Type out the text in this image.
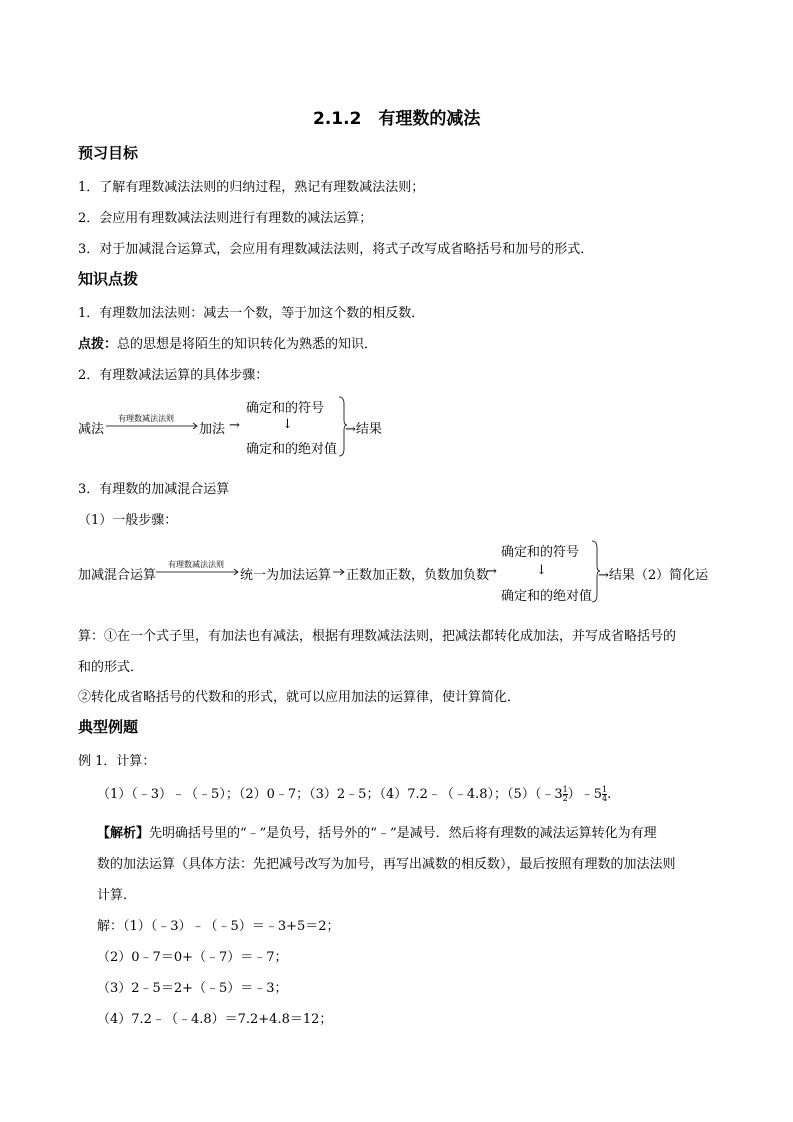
2.1.2　有理数的减法
预习目标
1．了解有理数减法法则的归纳过程，熟记有理数减法法则；
2．会应用有理数减法法则进行有理数的减法运算；
3．对于加减混合运算式，会应用有理数减法法则，将式子改写成省略括号和加号的形式．
知识点拨
1．有理数加法法则：减去一个数，等于加这个数的相反数．
点拨：总的思想是将陌生的知识转化为熟悉的知识．
2．有理数减法运算的具体步骤：
减法
有理数减法法则
加法 →
确定和的符号
↓
确定和的绝对值
→结果
3．有理数的加减混合运算
（1）一般步骤：
加减混合运算
有理数减法法则
统一为加法运算 正数加正数，负数加负数
→
确定和的符号
↓
确定和的绝对值
→结果（2）简化运
算：①在一个式子里，有加法也有减法，根据有理数减法法则，把减法都转化成加法，并写成省略括号的
和的形式．
②转化成省略括号的代数和的形式，就可以应用加法的运算律，使计算简化．
典型例题
例 1．计算：
（1）（﹣3）﹣（﹣5）；（2）0﹣7；（3）2﹣5；（4）7.2﹣（﹣4.8）；（5）（﹣3 $\frac{1}{2}$ ）﹣5 $\frac{1}{4}$ .
【解析】先明确括号里的“﹣”是负号，括号外的“﹣”是减号．然后将有理数的减法运算转化为有理
数的加法运算（具体方法：先把减号改写为加号，再写出减数的相反数），最后按照有理数的加法法则
计算．
解：（1）（﹣3）﹣（﹣5）＝﹣3+5＝2；
（2）0﹣7＝0+（﹣7）＝﹣7；
（3）2﹣5＝2+（﹣5）＝﹣3；
（4）7.2﹣（﹣4.8）＝7.2+4.8＝12；
